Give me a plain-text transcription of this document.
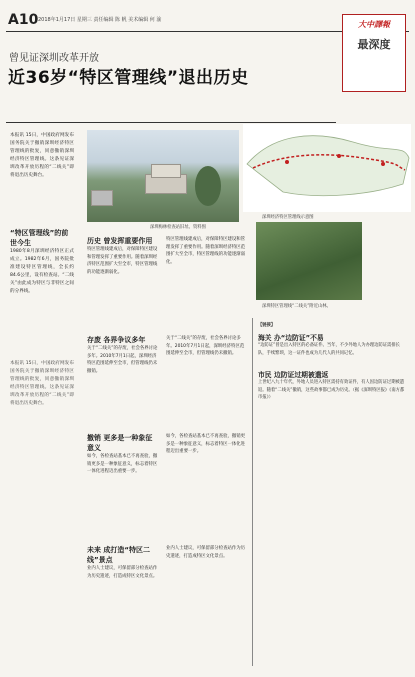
A10 2018年1月17日 星期三 责任编辑 陈 帆 美术编辑 何 渝	大中譯報
最深度
曾见证深圳改革开放
近36岁“特区管理线”退出历史
本报讯 15日，中国政府网发布国务院关于撤销深圳经济特区管理线的批复，同意撤销深圳经济特区管理线。这条见证深圳改革开放历程的“二线关”即将退出历史舞台。
“特区管理线”的前世今生
1980年8月深圳经济特区正式成立。1982年6月，国务院批准建设特区管理线，全长约84.6公里，设有检查站。“二线关”由此成为特区与非特区之间的分界线。
本报讯 15日，中国政府网发布国务院关于撤销深圳经济特区管理线的批复，同意撤销深圳经济特区管理线。这条见证深圳改革开放历程的“二线关”即将退出历史舞台。
深圳梅林检查站旧址。资料图
深圳经济特区管理线示意图
深圳特区管理线“二线关”附近山林。
历史 曾发挥重要作用
特区管理线建成后，对保障特区建设和管理发挥了重要作用。随着深圳经济特区范围扩大至全市，特区管理线的功能逐渐弱化。
特区管理线建成后，对保障特区建设和管理发挥了重要作用。随着深圳经济特区范围扩大至全市，特区管理线的功能逐渐弱化。
存废 各界争议多年
关于“二线关”的存废，社会各界讨论多年。2010年7月1日起，深圳经济特区范围延伸至全市，但管理线仍未撤销。
关于“二线关”的存废，社会各界讨论多年。2010年7月1日起，深圳经济特区范围延伸至全市，但管理线仍未撤销。
撤销 更多是一种象征意义
如今，各检查站基本已不再查验，撤销更多是一种象征意义，标志着特区一体化进程迈出重要一步。
如今，各检查站基本已不再查验，撤销更多是一种象征意义，标志着特区一体化进程迈出重要一步。
未来 成打造“特区二线”景点
业内人士建议，可保留部分检查站作为历史遗迹，打造成特区文化景点。
业内人士建议，可保留部分检查站作为历史遗迹，打造成特区文化景点。
【链接】
海关 办“边防证”不易
“边防证”曾是出入特区的必备证件。当年，不少外地人为办理边防证需排长队，手续繁琐，这一证件也成为几代人的共同记忆。
市民 边防证过期被遣返
上世纪八九十年代，外地人员进入特区需持有效证件，有人因边防证过期被遣返。随着“二线关”撤销，这些故事都已成为历史。（据《深圳特区报》《南方都市报》）
